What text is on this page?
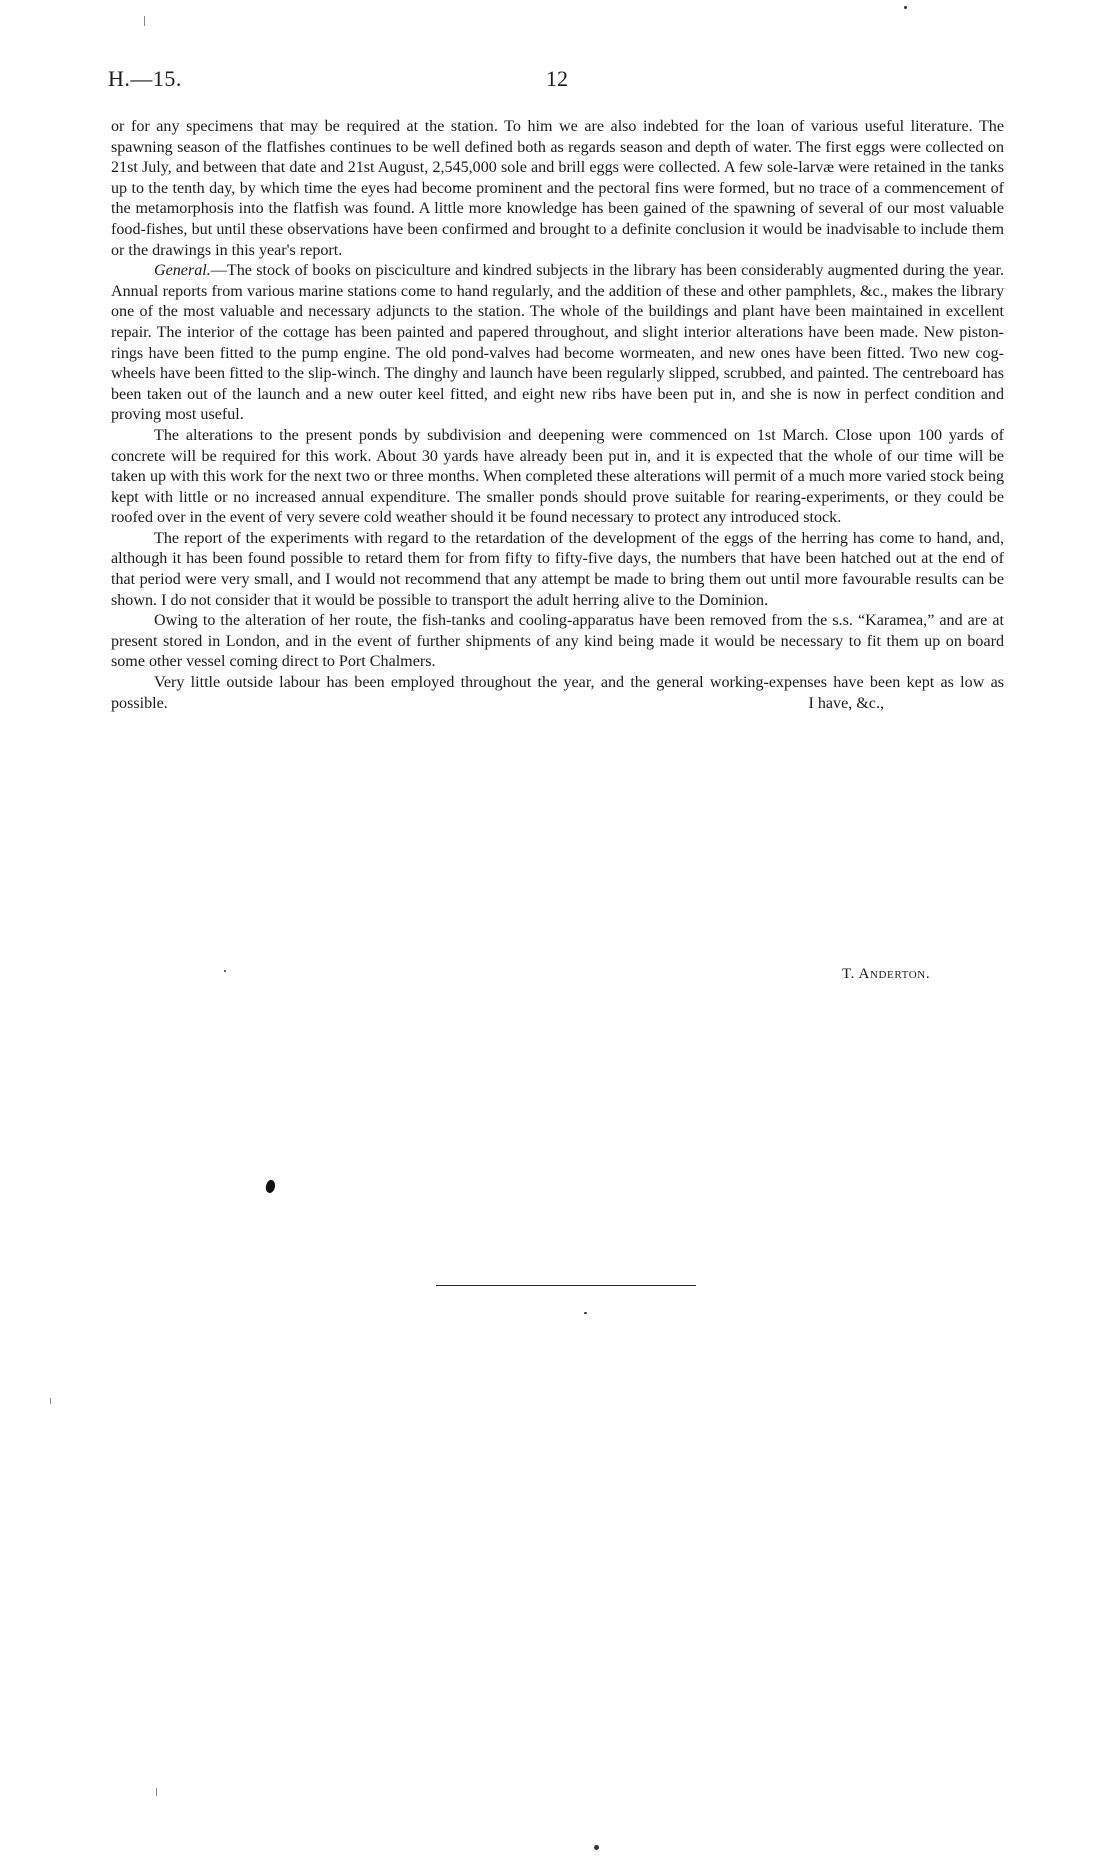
H.—15.	12

or for any specimens that may be required at the station. To him we are also indebted for the loan of various useful literature. The spawning season of the flatfishes continues to be well defined both as regards season and depth of water. The first eggs were collected on 21st July, and between that date and 21st August, 2,545,000 sole and brill eggs were collected. A few sole-larvæ were retained in the tanks up to the tenth day, by which time the eyes had become prominent and the pectoral fins were formed, but no trace of a commencement of the metamorphosis into the flatfish was found. A little more knowledge has been gained of the spawning of several of our most valuable food-fishes, but until these observations have been confirmed and brought to a definite conclusion it would be inadvisable to include them or the drawings in this year's report.

General.—The stock of books on pisciculture and kindred subjects in the library has been considerably augmented during the year. Annual reports from various marine stations come to hand regularly, and the addition of these and other pamphlets, &c., makes the library one of the most valuable and necessary adjuncts to the station. The whole of the buildings and plant have been maintained in excellent repair. The interior of the cottage has been painted and papered throughout, and slight interior alterations have been made. New piston-rings have been fitted to the pump engine. The old pond-valves had become wormeaten, and new ones have been fitted. Two new cog-wheels have been fitted to the slip-winch. The dinghy and launch have been regularly slipped, scrubbed, and painted. The centreboard has been taken out of the launch and a new outer keel fitted, and eight new ribs have been put in, and she is now in perfect condition and proving most useful.

The alterations to the present ponds by subdivision and deepening were commenced on 1st March. Close upon 100 yards of concrete will be required for this work. About 30 yards have already been put in, and it is expected that the whole of our time will be taken up with this work for the next two or three months. When completed these alterations will permit of a much more varied stock being kept with little or no increased annual expenditure. The smaller ponds should prove suitable for rearing-experiments, or they could be roofed over in the event of very severe cold weather should it be found necessary to protect any introduced stock.

The report of the experiments with regard to the retardation of the development of the eggs of the herring has come to hand, and, although it has been found possible to retard them for from fifty to fifty-five days, the numbers that have been hatched out at the end of that period were very small, and I would not recommend that any attempt be made to bring them out until more favourable results can be shown. I do not consider that it would be possible to transport the adult herring alive to the Dominion.

Owing to the alteration of her route, the fish-tanks and cooling-apparatus have been removed from the s.s. “Karamea,” and are at present stored in London, and in the event of further shipments of any kind being made it would be necessary to fit them up on board some other vessel coming direct to Port Chalmers.

Very little outside labour has been employed throughout the year, and the general working-expenses have been kept as low as possible.	I have, &c.,
T. Anderton.
